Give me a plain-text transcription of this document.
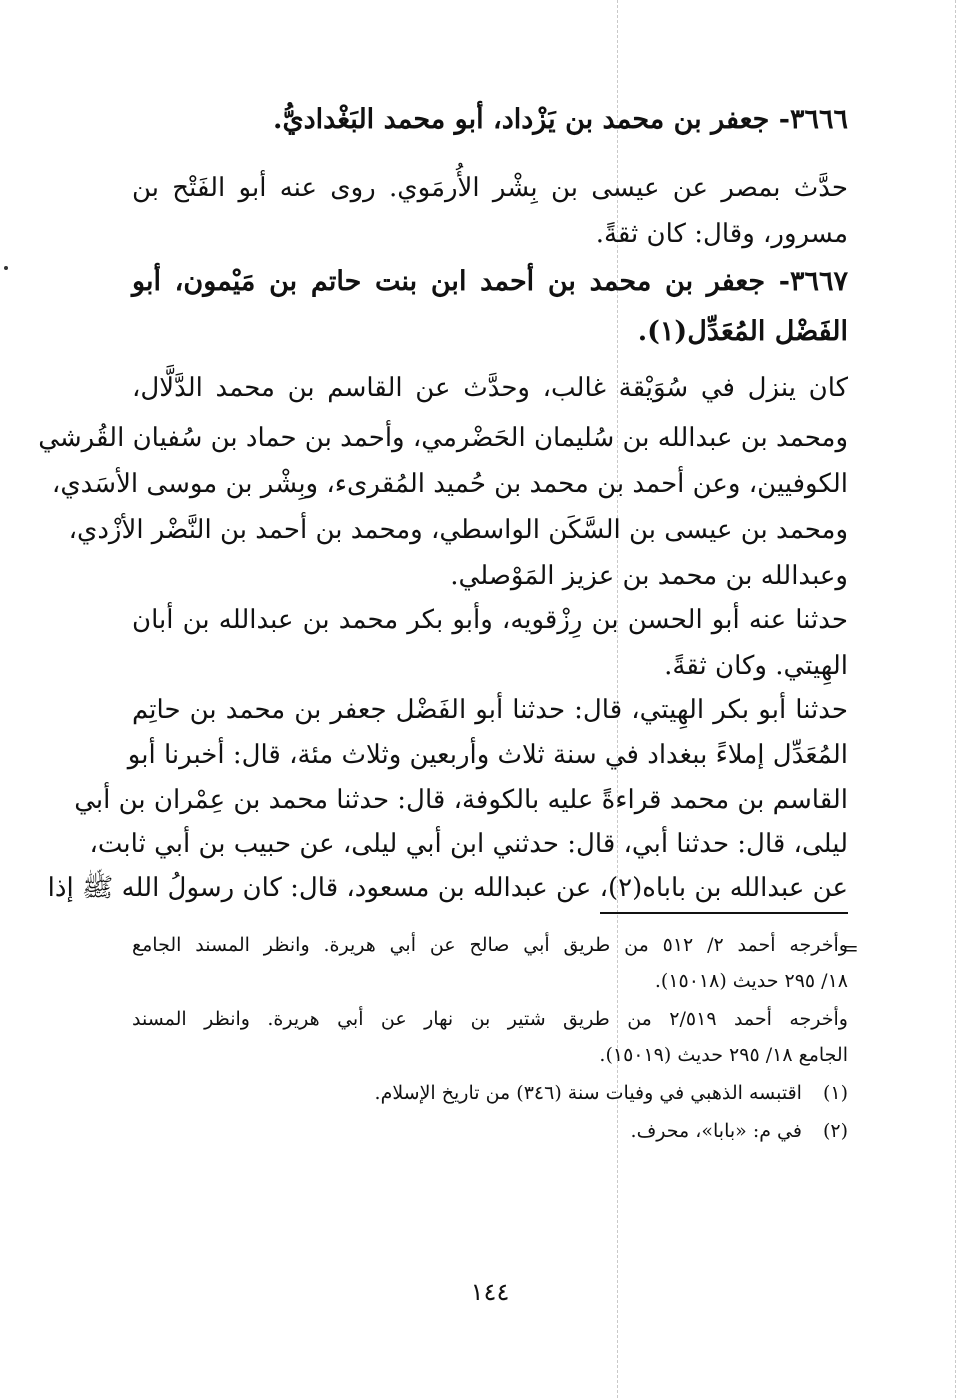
٣٦٦٦- جعفر بن محمد بن يَزْداد، أبو محمد البَغْداديُّ.
حدَّث بمصر عن عيسى بن بِشْر الأُرمَوي. روى عنه أبو الفَتْح بن
مسرور، وقال: كان ثقةً.
٣٦٦٧- جعفر بن محمد بن أحمد ابن بنت حاتم بن مَيْمون، أبو
الفَضْل المُعَدِّل(١).
كان ينزل في سُوَيْقة غالب، وحدَّث عن القاسم بن محمد الدَّلَّال،
ومحمد بن عبدالله بن سُليمان الحَضْرمي، وأحمد بن حماد بن سُفيان القُرشي
الكوفيين، وعن أحمد بن محمد بن حُميد المُقرىء، وبِشْر بن موسى الأسَدي،
ومحمد بن عيسى بن السَّكَن الواسطي، ومحمد بن أحمد بن النَّضْر الأزْدي،
وعبدالله بن محمد بن عزيز المَوْصلي.
حدثنا عنه أبو الحسن بن رِزْقويه، وأبو بكر محمد بن عبدالله بن أبان
الهِيتي. وكان ثقةً.
حدثنا أبو بكر الهِيتي، قال: حدثنا أبو الفَضْل جعفر بن محمد بن حاتِم
المُعَدِّل إملاءً ببغداد في سنة ثلاث وأربعين وثلاث مئة، قال: أخبرنا أبو
القاسم بن محمد قراءةً عليه بالكوفة، قال: حدثنا محمد بن عِمْران بن أبي
ليلى، قال: حدثنا أبي، قال: حدثني ابن أبي ليلى، عن حبيب بن أبي ثابت،
عن عبدالله بن باباه(٢)، عن عبدالله بن مسعود، قال: كان رسولُ الله ﷺ إذا
=
وأخرجه أحمد ٢/ ٥١٢ من طريق أبي صالح عن أبي هريرة. وانظر المسند الجامع
١٨/ ٢٩٥ حديث (١٥٠١٨).
وأخرجه أحمد ٢/٥١٩ من طريق شتير بن نهار عن أبي هريرة. وانظر المسند
الجامع ١٨/ ٢٩٥ حديث (١٥٠١٩).
(١) اقتبسه الذهبي في وفيات سنة (٣٤٦) من تاريخ الإسلام.
(٢) في م: «بابا»، محرف.
١٤٤
